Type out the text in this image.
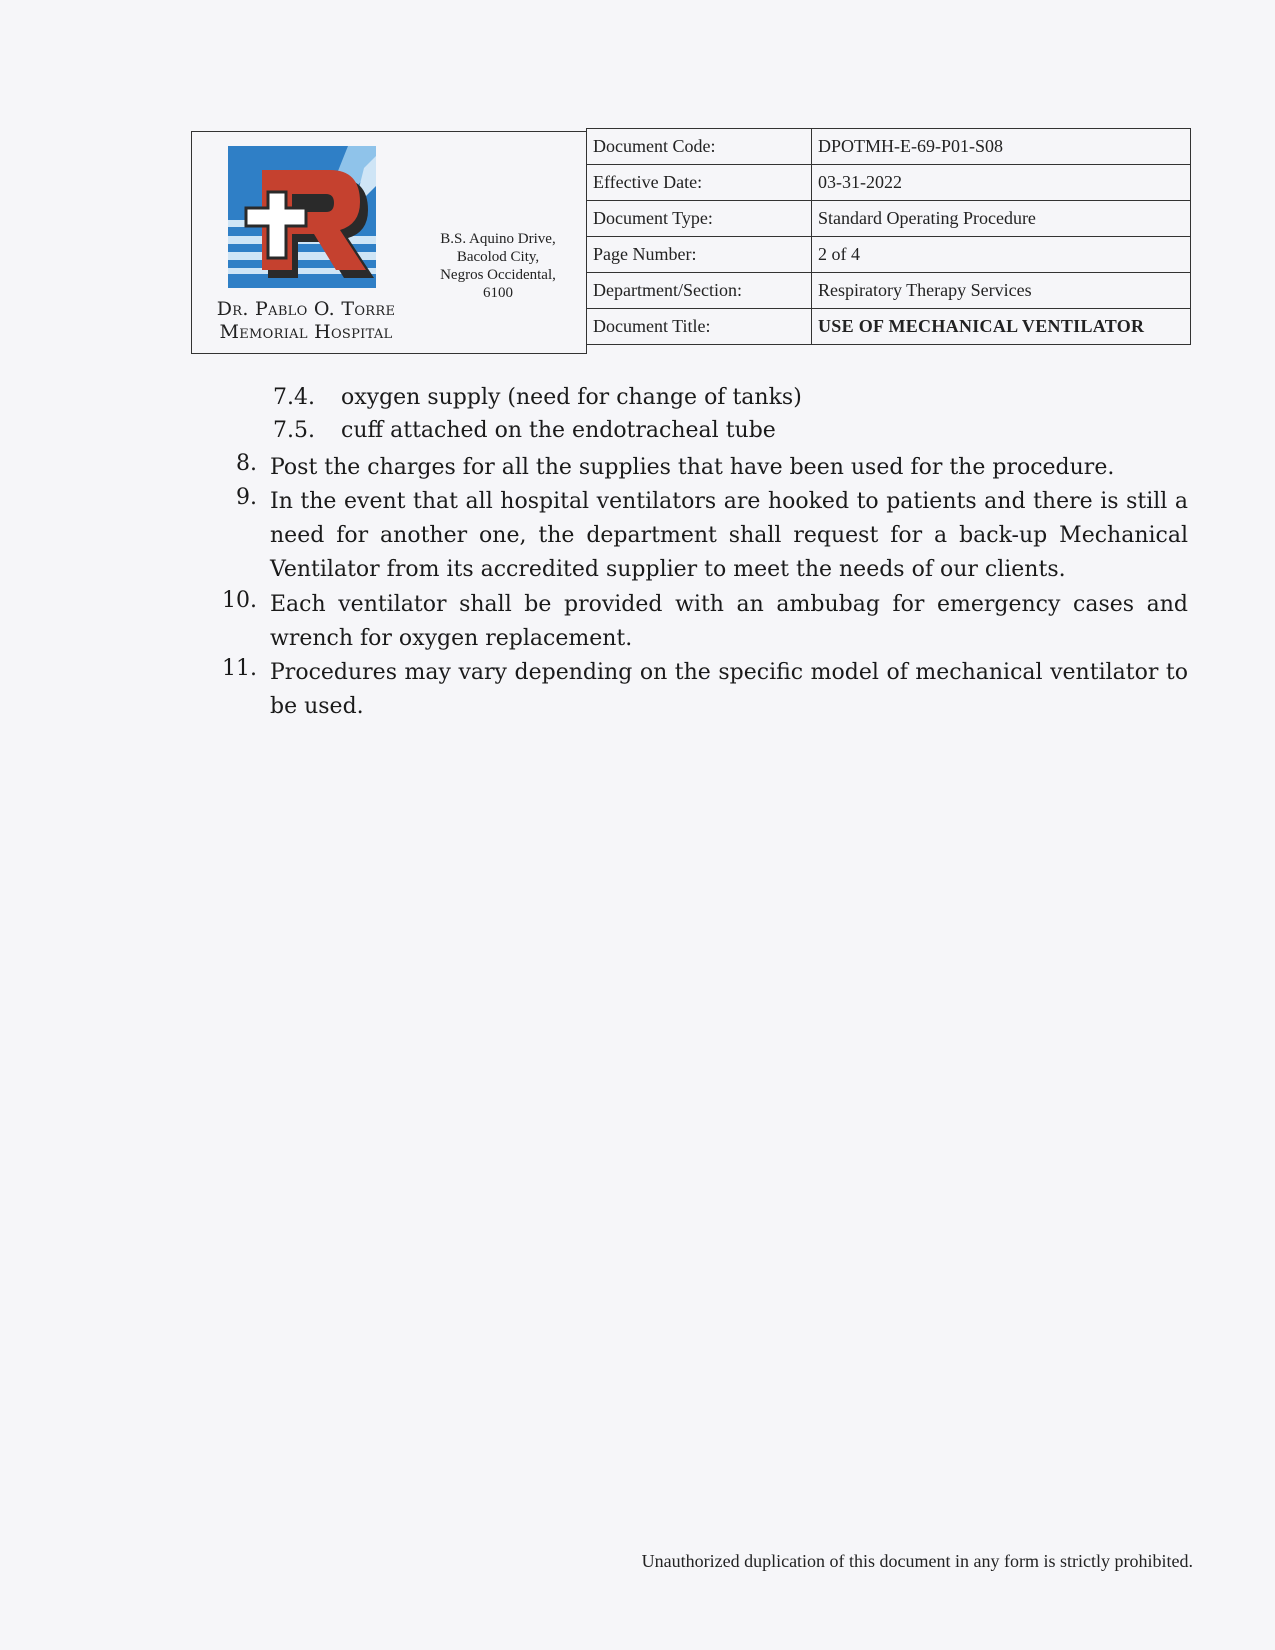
Dr. Pablo O. Torre
Memorial Hospital
B.S. Aquino Drive,
Bacolod City,
Negros Occidental,
6100
Document Code:	DPOTMH-E-69-P01-S08
Effective Date:	03-31-2022
Document Type:	Standard Operating Procedure
Page Number:	2 of 4
Department/Section:	Respiratory Therapy Services
Document Title:	USE OF MECHANICAL VENTILATOR
7.4. oxygen supply (need for change of tanks)
7.5. cuff attached on the endotracheal tube
8. Post the charges for all the supplies that have been used for the procedure.
9. In the event that all hospital ventilators are hooked to patients and there is still a
need for another one, the department shall request for a back-up Mechanical
Ventilator from its accredited supplier to meet the needs of our clients.
10. Each ventilator shall be provided with an ambubag for emergency cases and
wrench for oxygen replacement.
11. Procedures may vary depending on the specific model of mechanical ventilator to
be used.
Unauthorized duplication of this document in any form is strictly prohibited.
